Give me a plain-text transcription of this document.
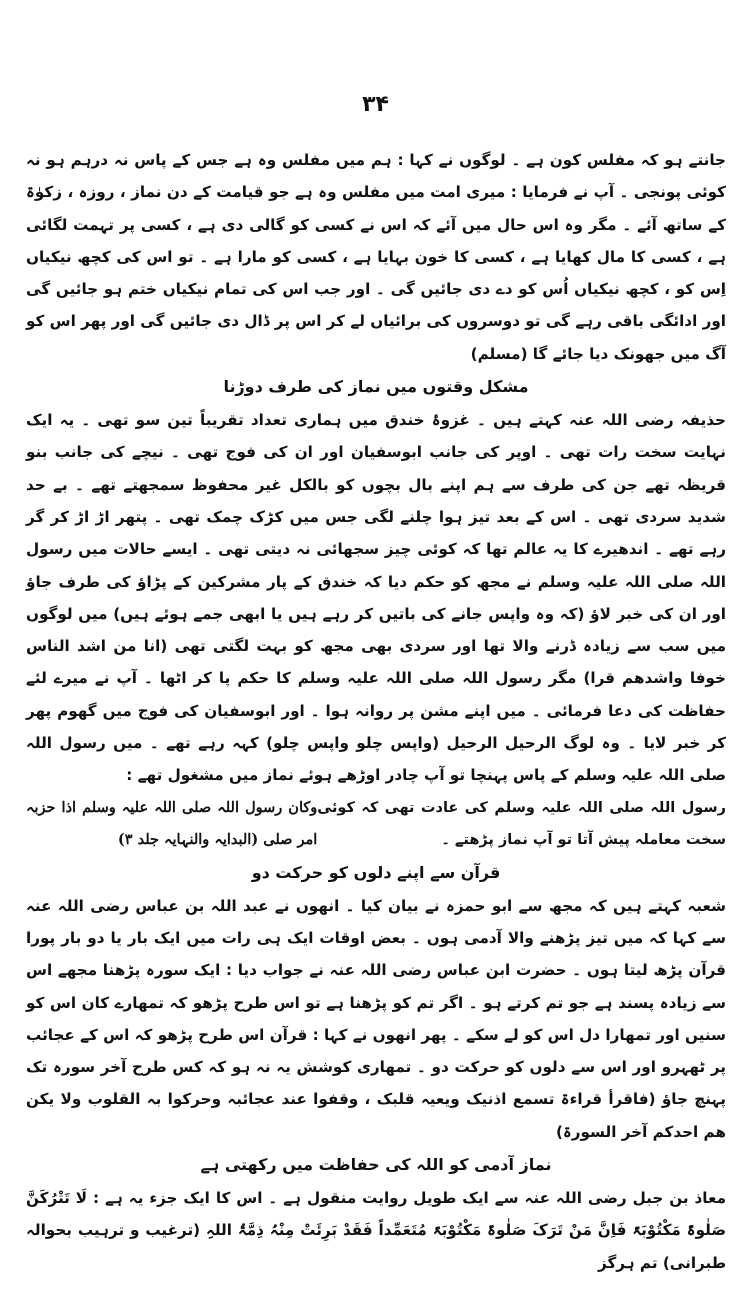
۳۴

جانتے ہو کہ مفلس کون ہے ۔ لوگوں نے کہا : ہم میں مفلس وہ ہے جس کے پاس نہ درہم ہو نہ کوئی پونجی ۔ آپ نے فرمایا : میری امت میں مفلس وہ ہے جو قیامت کے دن نماز ، روزہ ، زکوٰۃ کے ساتھ آئے ۔ مگر وہ اس حال میں آئے کہ اس نے کسی کو گالی دی ہے ، کسی پر تہمت لگائی ہے ، کسی کا مال کھایا ہے ، کسی کا خون بہایا ہے ، کسی کو مارا ہے ۔ تو اس کی کچھ نیکیاں اِس کو ، کچھ نیکیاں اُس کو دے دی جائیں گی ۔ اور جب اس کی تمام نیکیاں ختم ہو جائیں گی اور ادائگی باقی رہے گی تو دوسروں کی برائیاں لے کر اس پر ڈال دی جائیں گی اور پھر اس کو آگ میں جھونک دیا جائے گا (مسلم)

مشکل وقتوں میں نماز کی طرف دوڑنا

حذیفہ رضی اللہ عنہ کہتے ہیں ۔ غزوۂ خندق میں ہماری تعداد تقریباً تین سو تھی ۔ یہ ایک نہایت سخت رات تھی ۔ اوپر کی جانب ابوسفیان اور ان کی فوج تھی ۔ نیچے کی جانب بنو قریظہ تھے جن کی طرف سے ہم اپنے بال بچوں کو بالکل غیر محفوظ سمجھتے تھے ۔ بے حد شدید سردی تھی ۔ اس کے بعد تیز ہوا چلنے لگی جس میں کڑک چمک تھی ۔ پتھر اڑ اڑ کر گر رہے تھے ۔ اندھیرے کا یہ عالم تھا کہ کوئی چیز سجھائی نہ دیتی تھی ۔ ایسے حالات میں رسول اللہ صلی اللہ علیہ وسلم نے مجھ کو حکم دیا کہ خندق کے پار مشرکین کے پڑاؤ کی طرف جاؤ اور ان کی خبر لاؤ (کہ وہ واپس جانے کی باتیں کر رہے ہیں یا ابھی جمے ہوئے ہیں) میں لوگوں میں سب سے زیادہ ڈرنے والا تھا اور سردی بھی مجھ کو بہت لگتی تھی (انا من اشد الناس خوفا واشدھم قرا) مگر رسول اللہ صلی اللہ علیہ وسلم کا حکم پا کر اٹھا ۔ آپ نے میرے لئے حفاظت کی دعا فرمائی ۔ میں اپنے مشن پر روانہ ہوا ۔ اور ابوسفیان کی فوج میں گھوم پھر کر خبر لایا ۔ وہ لوگ الرحیل الرحیل (واپس چلو واپس چلو) کہہ رہے تھے ۔ میں رسول اللہ صلی اللہ علیہ وسلم کے پاس پہنچا تو آپ چادر اوڑھے ہوئے نماز میں مشغول تھے :

رسول اللہ صلی اللہ علیہ وسلم کی عادت تھی کہ کوئی سخت معاملہ پیش آتا تو آپ نماز پڑھتے ۔
وکان رسول اللہ صلی اللہ علیہ وسلم اذا حزبہ امر صلی (البدایہ والنہایہ جلد ۳)

قرآن سے اپنے دلوں کو حرکت دو

شعبہ کہتے ہیں کہ مجھ سے ابو حمزہ نے بیان کیا ۔ انھوں نے عبد اللہ بن عباس رضی اللہ عنہ سے کہا کہ میں تیز پڑھنے والا آدمی ہوں ۔ بعض اوقات ایک ہی رات میں ایک بار یا دو بار پورا قرآن پڑھ لیتا ہوں ۔ حضرت ابن عباس رضی اللہ عنہ نے جواب دیا : ایک سورہ پڑھنا مجھے اس سے زیادہ پسند ہے جو تم کرتے ہو ۔ اگر تم کو پڑھنا ہے تو اس طرح پڑھو کہ تمھارے کان اس کو سنیں اور تمھارا دل اس کو لے سکے ۔ پھر انھوں نے کہا : قرآن اس طرح پڑھو کہ اس کے عجائب پر ٹھہرو اور اس سے دلوں کو حرکت دو ۔ تمھاری کوشش یہ نہ ہو کہ کس طرح آخر سورہ تک پہنچ جاؤ (فاقرأ قراءۃ تسمع اذنیک ویعیہ قلبک ، وقفوا عند عجائبہ وحرکوا بہ القلوب ولا یکن ھم احدکم آخر السورۃ)

نماز آدمی کو اللہ کی حفاظت میں رکھتی ہے

معاذ بن جبل رضی اللہ عنہ سے ایک طویل روایت منقول ہے ۔ اس کا ایک جزء یہ ہے : لَا تَتْرُکَنَّ صَلٰوۃً مَکْتُوْبَۃً فَاِنَّ مَنْ تَرَکَ صَلٰوۃً مَکْتُوْبَۃً مُتَعَمِّداً فَقَدْ بَرِئَتْ مِنْہُ ذِمَّۃُ اللہِ (ترغیب و ترہیب بحوالہ طبرانی) تم ہرگز
